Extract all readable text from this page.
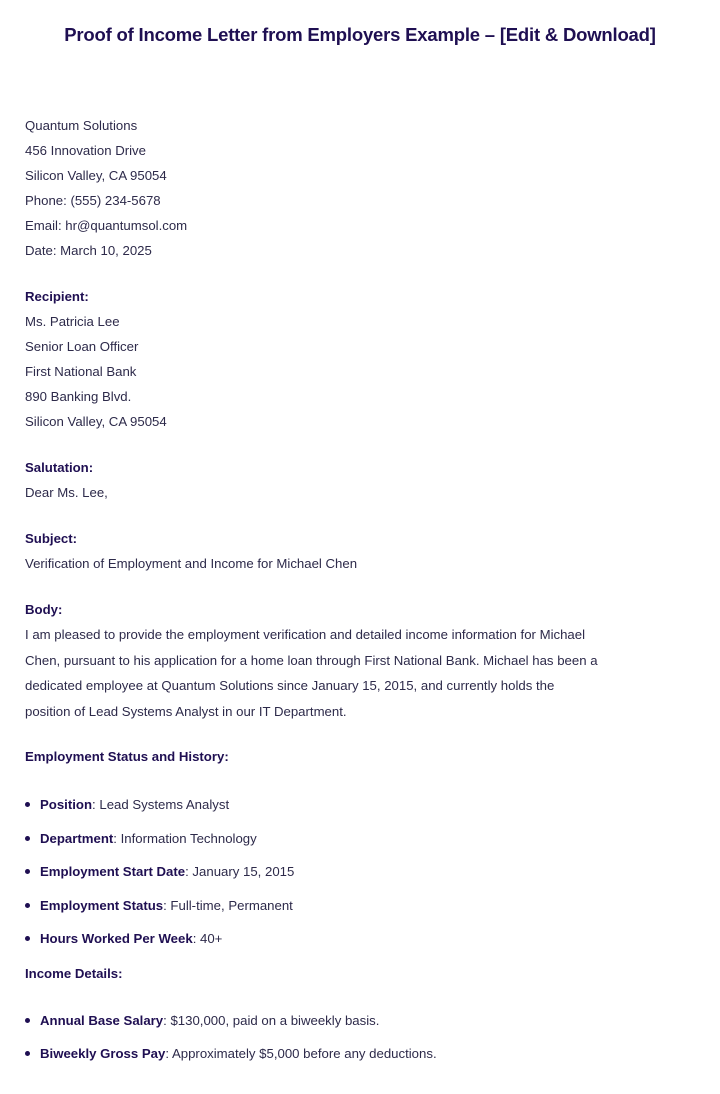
Proof of Income Letter from Employers Example – [Edit & Download]
Quantum Solutions
456 Innovation Drive
Silicon Valley, CA 95054
Phone: (555) 234-5678
Email: hr@quantumsol.com
Date: March 10, 2025
Recipient:
Ms. Patricia Lee
Senior Loan Officer
First National Bank
890 Banking Blvd.
Silicon Valley, CA 95054
Salutation:
Dear Ms. Lee,
Subject:
Verification of Employment and Income for Michael Chen
Body:
I am pleased to provide the employment verification and detailed income information for Michael
Chen, pursuant to his application for a home loan through First National Bank. Michael has been a
dedicated employee at Quantum Solutions since January 15, 2015, and currently holds the
position of Lead Systems Analyst in our IT Department.
Employment Status and History:
Position: Lead Systems Analyst
Department: Information Technology
Employment Start Date: January 15, 2015
Employment Status: Full-time, Permanent
Hours Worked Per Week: 40+
Income Details:
Annual Base Salary: $130,000, paid on a biweekly basis.
Biweekly Gross Pay: Approximately $5,000 before any deductions.
